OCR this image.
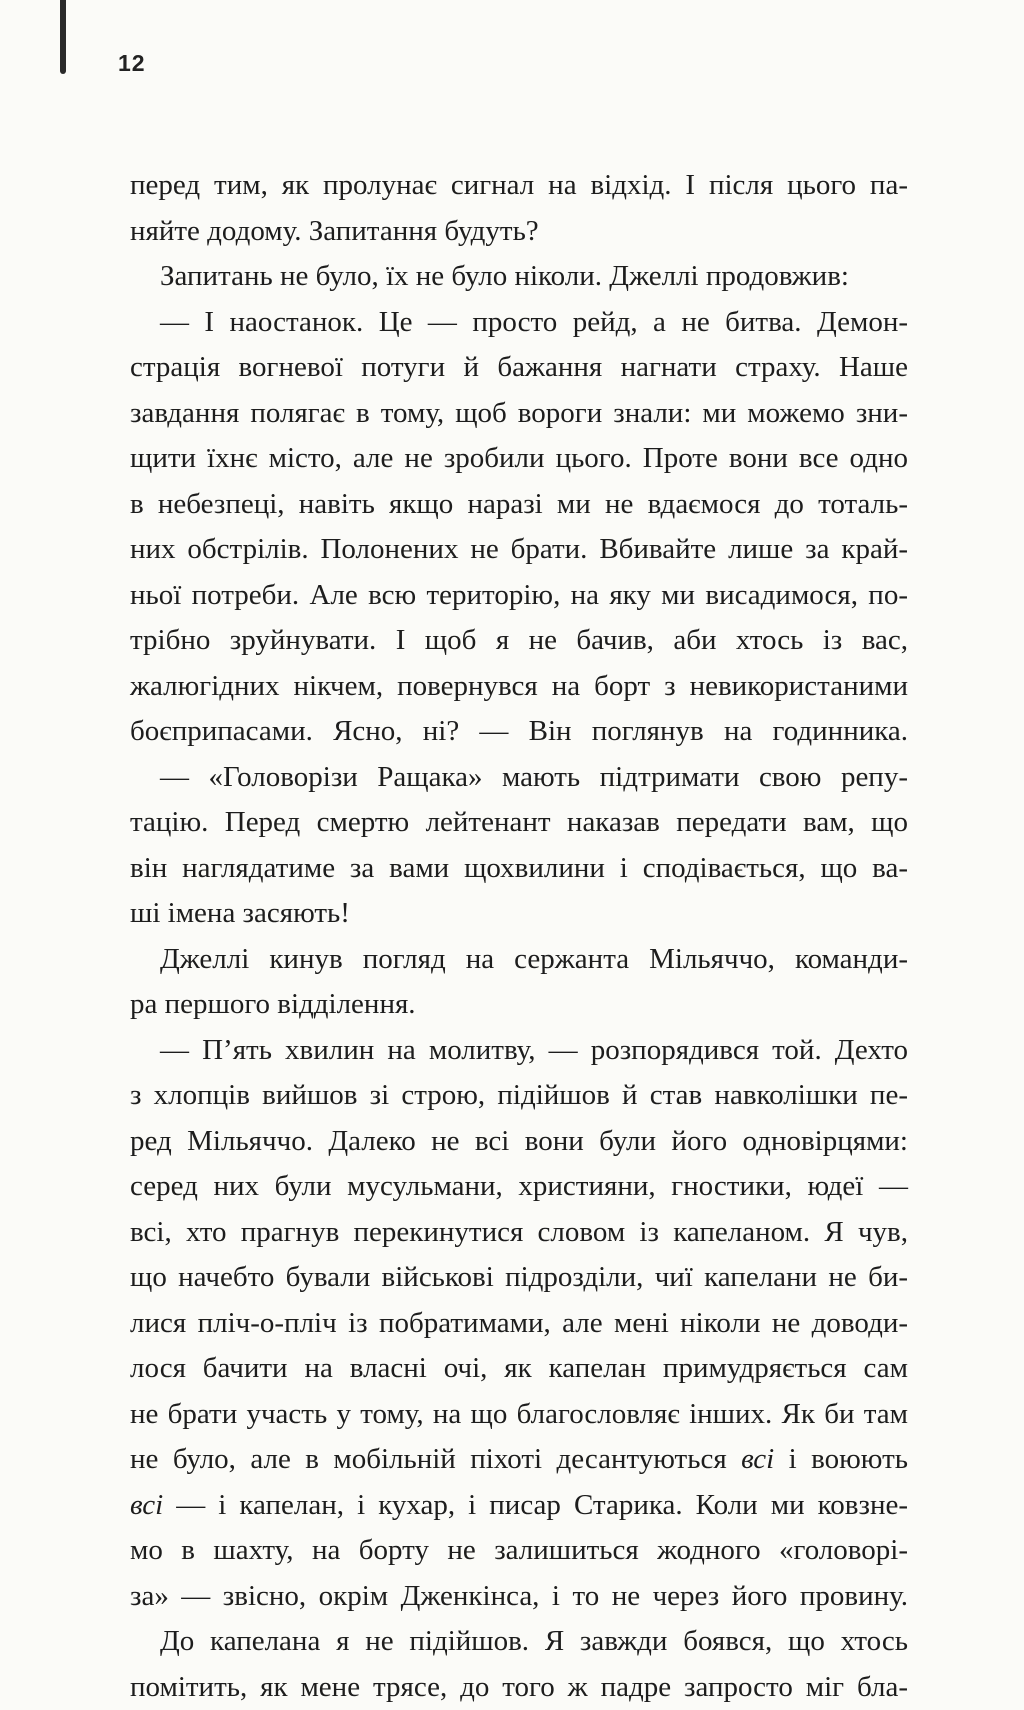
12
перед тим, як пролунає сигнал на відхід. І після цього па-
няйте додому. Запитання будуть?
Запитань не було, їх не було ніколи. Джеллі продовжив:
— І наостанок. Це — просто рейд, а не битва. Демон-
страція вогневої потуги й бажання нагнати страху. Наше
завдання полягає в тому, щоб вороги знали: ми можемо зни-
щити їхнє місто, але не зробили цього. Проте вони все одно
в небезпеці, навіть якщо наразі ми не вдаємося до тоталь-
них обстрілів. Полонених не брати. Вбивайте лише за край-
ньої потреби. Але всю територію, на яку ми висадимося, по-
трібно зруйнувати. І щоб я не бачив, аби хтось із вас,
жалюгідних нікчем, повернувся на борт з невикористаними
боєприпасами. Ясно, ні? — Він поглянув на годинника.
— «Головорізи Ращака» мають підтримати свою репу-
тацію. Перед смертю лейтенант наказав передати вам, що
він наглядатиме за вами щохвилини і сподівається, що ва-
ші імена засяють!
Джеллі кинув погляд на сержанта Мільяччо, команди-
ра першого відділення.
— П’ять хвилин на молитву, — розпорядився той. Дехто
з хлопців вийшов зі строю, підійшов й став навколішки пе-
ред Мільяччо. Далеко не всі вони були його одновірцями:
серед них були мусульмани, християни, гностики, юдеї —
всі, хто прагнув перекинутися словом із капеланом. Я чув,
що начебто бували військові підрозділи, чиї капелани не би-
лися пліч-о-пліч із побратимами, але мені ніколи не доводи-
лося бачити на власні очі, як капелан примудряється сам
не брати участь у тому, на що благословляє інших. Як би там
не було, але в мобільній піхоті десантуються всі і воюють
всі — і капелан, і кухар, і писар Старика. Коли ми ковзне-
мо в шахту, на борту не залишиться жодного «головорі-
за» — звісно, окрім Дженкінса, і то не через його провину.
До капелана я не підійшов. Я завжди боявся, що хтось
помітить, як мене трясе, до того ж падре запросто міг бла-
